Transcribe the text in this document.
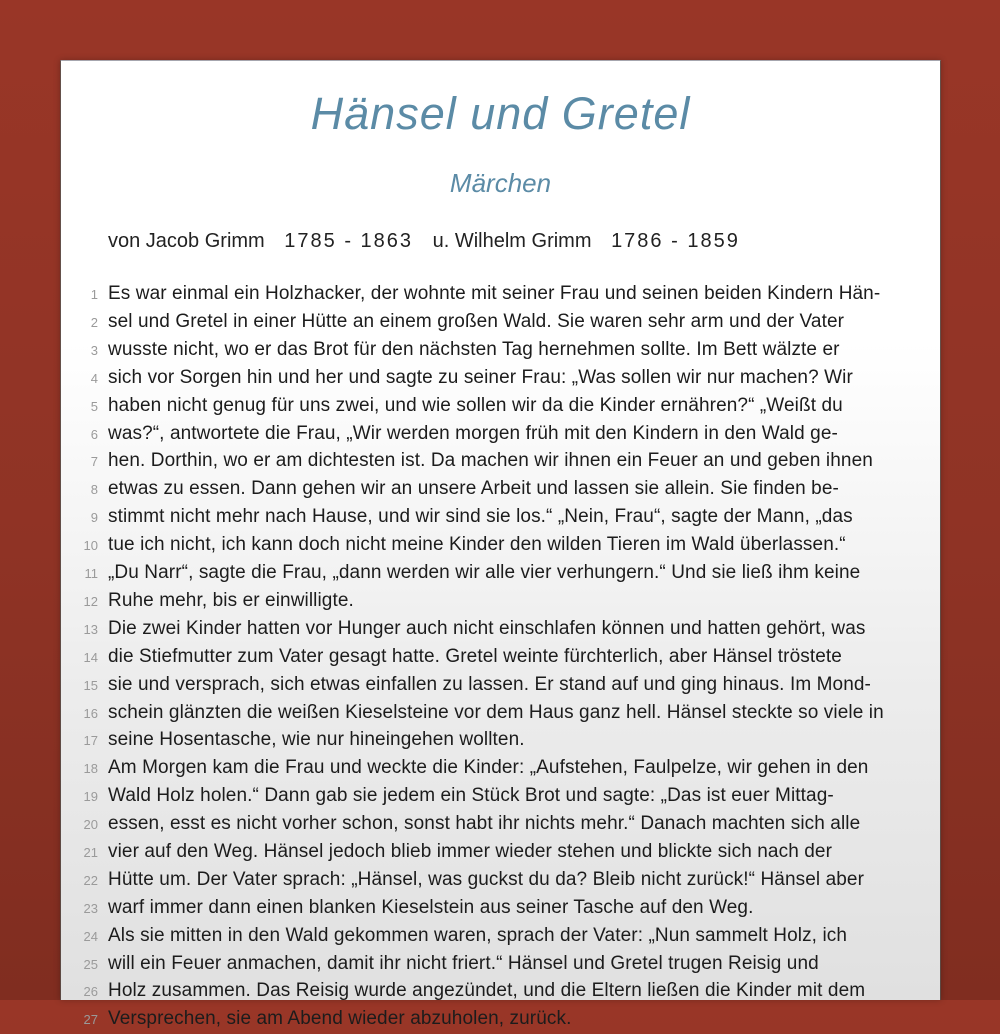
Hänsel und Gretel
Märchen
von Jacob Grimm 1785 - 1863 u. Wilhelm Grimm 1786 - 1859
1 Es war einmal ein Holzhacker, der wohnte mit seiner Frau und seinen beiden Kindern Hän-
2 sel und Gretel in einer Hütte an einem großen Wald. Sie waren sehr arm und der Vater
3 wusste nicht, wo er das Brot für den nächsten Tag hernehmen sollte. Im Bett wälzte er
4 sich vor Sorgen hin und her und sagte zu seiner Frau: „Was sollen wir nur machen? Wir
5 haben nicht genug für uns zwei, und wie sollen wir da die Kinder ernähren?“ „Weißt du
6 was?“, antwortete die Frau, „Wir werden morgen früh mit den Kindern in den Wald ge-
7 hen. Dorthin, wo er am dichtesten ist. Da machen wir ihnen ein Feuer an und geben ihnen
8 etwas zu essen. Dann gehen wir an unsere Arbeit und lassen sie allein. Sie finden be-
9 stimmt nicht mehr nach Hause, und wir sind sie los.“ „Nein, Frau“, sagte der Mann, „das
10 tue ich nicht, ich kann doch nicht meine Kinder den wilden Tieren im Wald überlassen.“
11 „Du Narr“, sagte die Frau, „dann werden wir alle vier verhungern.“ Und sie ließ ihm keine
12 Ruhe mehr, bis er einwilligte.
13 Die zwei Kinder hatten vor Hunger auch nicht einschlafen können und hatten gehört, was
14 die Stiefmutter zum Vater gesagt hatte. Gretel weinte fürchterlich, aber Hänsel tröstete
15 sie und versprach, sich etwas einfallen zu lassen. Er stand auf und ging hinaus. Im Mond-
16 schein glänzten die weißen Kieselsteine vor dem Haus ganz hell. Hänsel steckte so viele in
17 seine Hosentasche, wie nur hineingehen wollten.
18 Am Morgen kam die Frau und weckte die Kinder: „Aufstehen, Faulpelze, wir gehen in den
19 Wald Holz holen.“ Dann gab sie jedem ein Stück Brot und sagte: „Das ist euer Mittag-
20 essen, esst es nicht vorher schon, sonst habt ihr nichts mehr.“ Danach machten sich alle
21 vier auf den Weg. Hänsel jedoch blieb immer wieder stehen und blickte sich nach der
22 Hütte um. Der Vater sprach: „Hänsel, was guckst du da? Bleib nicht zurück!“ Hänsel aber
23 warf immer dann einen blanken Kieselstein aus seiner Tasche auf den Weg.
24 Als sie mitten in den Wald gekommen waren, sprach der Vater: „Nun sammelt Holz, ich
25 will ein Feuer anmachen, damit ihr nicht friert.“ Hänsel und Gretel trugen Reisig und
26 Holz zusammen. Das Reisig wurde angezündet, und die Eltern ließen die Kinder mit dem
27 Versprechen, sie am Abend wieder abzuholen, zurück.
